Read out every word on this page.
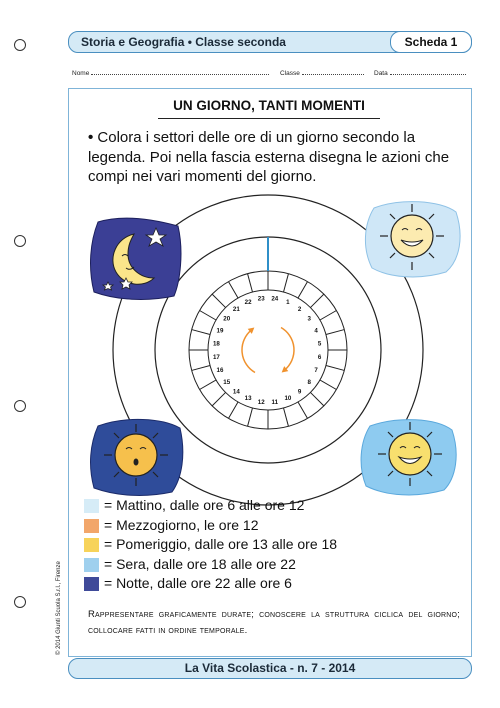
Storia e Geografia • Classe seconda	Scheda 1
Nome	Classe	Data
UN GIORNO, TANTI MOMENTI
• Colora i settori delle ore di un giorno secondo la legenda. Poi nella fascia esterna disegna le azioni che compi nei vari momenti del giorno.
1
2
3
4
5
6
7
8
9
10
11
12
13
14
15
16
17
18
19
20
21
22
23 24
= Mattino, dalle ore 6 alle ore 12
= Mezzogiorno, le ore 12
= Pomeriggio, dalle ore 13 alle ore 18
= Sera, dalle ore 18 alle ore 22
= Notte, dalle ore 22 alle ore 6
Rappresentare graficamente durate; conoscere la struttura ciclica del giorno; collocare fatti in ordine temporale.
© 2014 Giunti Scuola S.r.l., Firenze
La Vita Scolastica - n. 7 - 2014
